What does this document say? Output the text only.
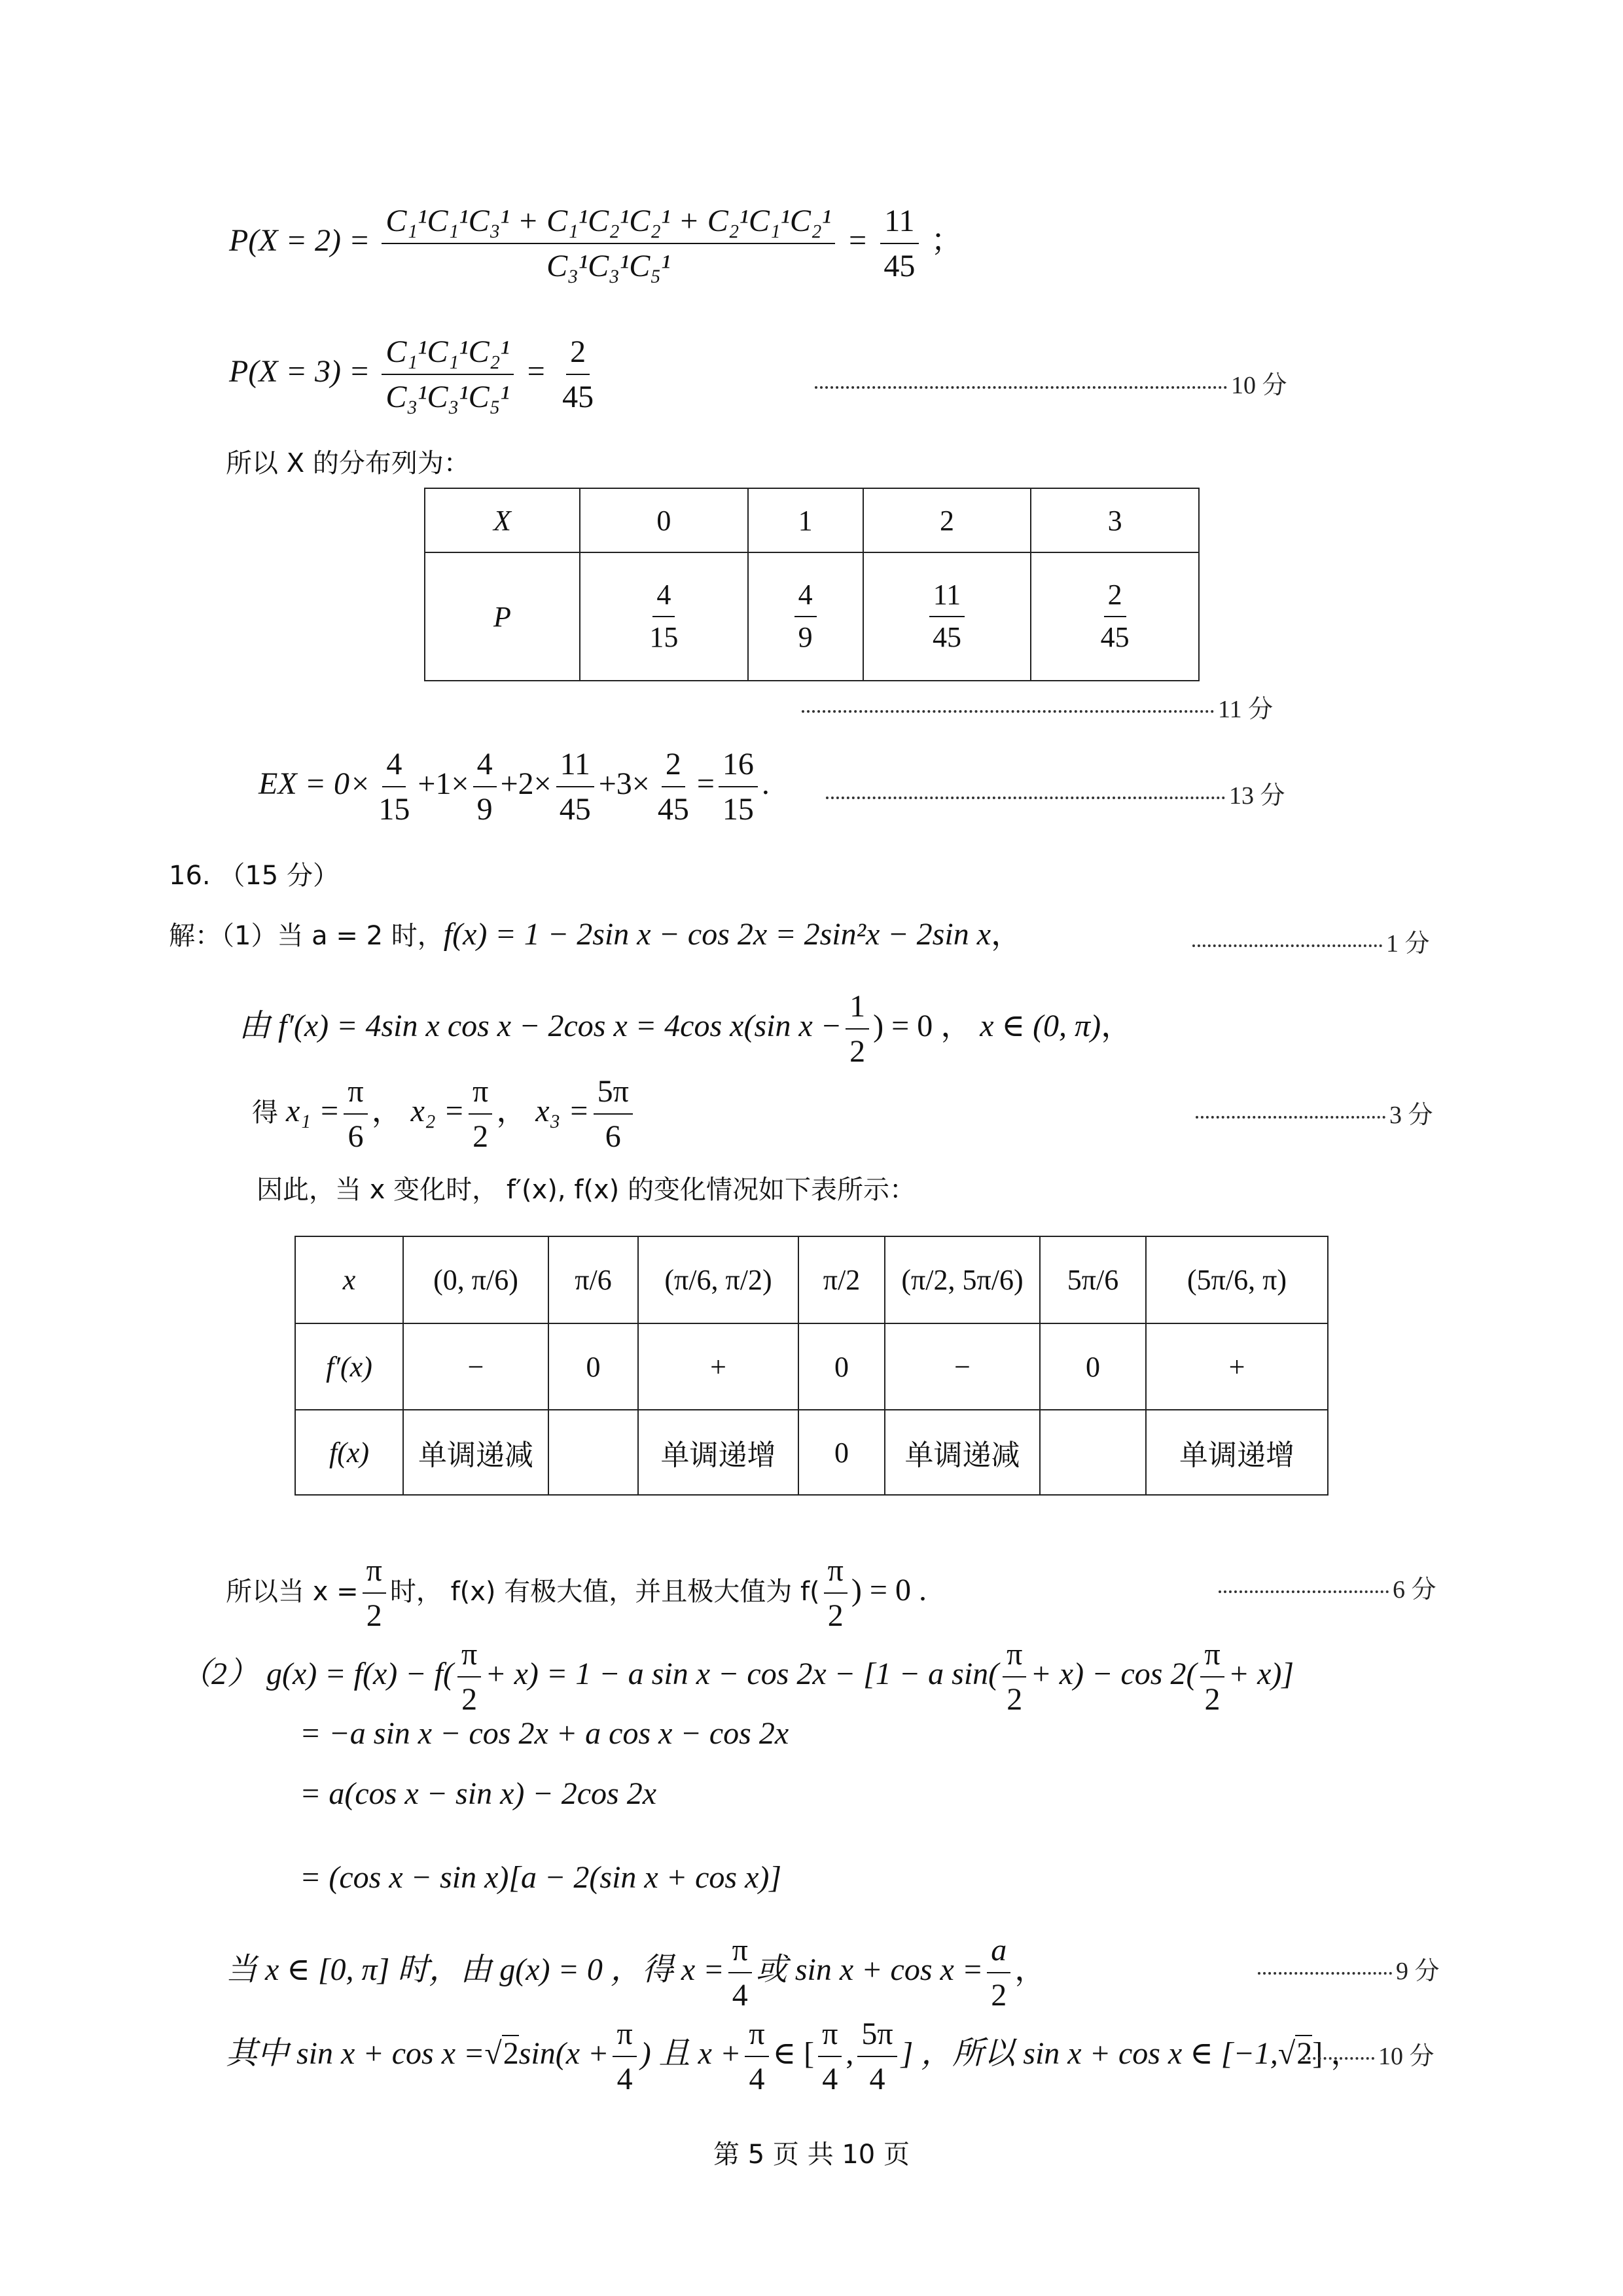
$P(X = 2) = \frac{\text{C₁¹C₁¹C₃¹ + C₁¹C₂¹C₂¹ + C₂¹C₁¹C₂¹}}{\text{C₃¹C₃¹C₅¹}} = \frac{11}{45}$ ；
$P(X = 3) = \frac{\text{C₁¹C₁¹C₂¹}}{\text{C₃¹C₃¹C₅¹}} = \frac{2}{45}$	10 分
所以 X 的分布列为：
X	0	1	2	3
P	$\frac{4}{15}$	$\frac{4}{9}$	$\frac{11}{45}$	$\frac{2}{45}$
11 分
EX = $0\times \frac{4}{15} +1\times \frac{4}{9} +2\times \frac{11}{45} +3\times \frac{2}{45} = \frac{16}{15}$ .	13 分
16. （15 分）
解：（1）当 a = 2 时，f(x) = 1 − 2sin x − cos 2x = 2sin²x − 2sin x，	1 分
由 f′(x) = 4sin x cos x − 2cos x = 4cos x(sin $x - \frac{1}{2}$ ) = 0 ， x ∈ (0, π)，
得 $x_1 = \frac{\pi}{6}$ ， $x_2 = \frac{\pi}{2}$ ， $x_3 = \frac{5\pi}{6}$	3 分
因此，当 x 变化时， f′(x), f(x) 的变化情况如下表所示：
x	(0, π/6)	π/6	(π/6, π/2)	π/2	(π/2, 5π/6)	5π/6	(5π/6, π)
f′(x)	−	0	+	0	−	0	+
f(x)	单调递减		单调递增	0	单调递减		单调递增
所以当 $x = \frac{\pi}{2}$ 时， f(x) 有极大值，并且极大值为 $f( \frac{\pi}{2}$ ) = 0 .	6 分
（2） $g(x) = f(x) - f( \frac{\pi}{2} + x) = 1 - a$ sin x − cos 2x − [1 − a $\sin( \frac{\pi}{2} + x) - \cos 2( \frac{\pi}{2} + x)$]
= −a sin x − cos 2x + a cos x − cos 2x
= a(cos x − sin x) − 2cos 2x
= (cos x − sin x)[a − 2(sin x + cos x)]
当 x ∈ [0, π] 时，由 g(x) = 0 ，得 $x = \frac{\pi}{4}$ 或 $\sin x + \cos x = \frac{a}{2}$ ，	9 分
其中 $\sin x + \cos x =√2\sin(x + \frac{\pi}{4}$ ) 且 $x + \frac{\pi}{4}$ ∈ [ $\frac{\pi}{4}$ , $\frac{5\pi}{4}$ ] ，所以 sin x + cos x ∈ [−1,√2] ， 10 分
第 5 页 共 10 页
